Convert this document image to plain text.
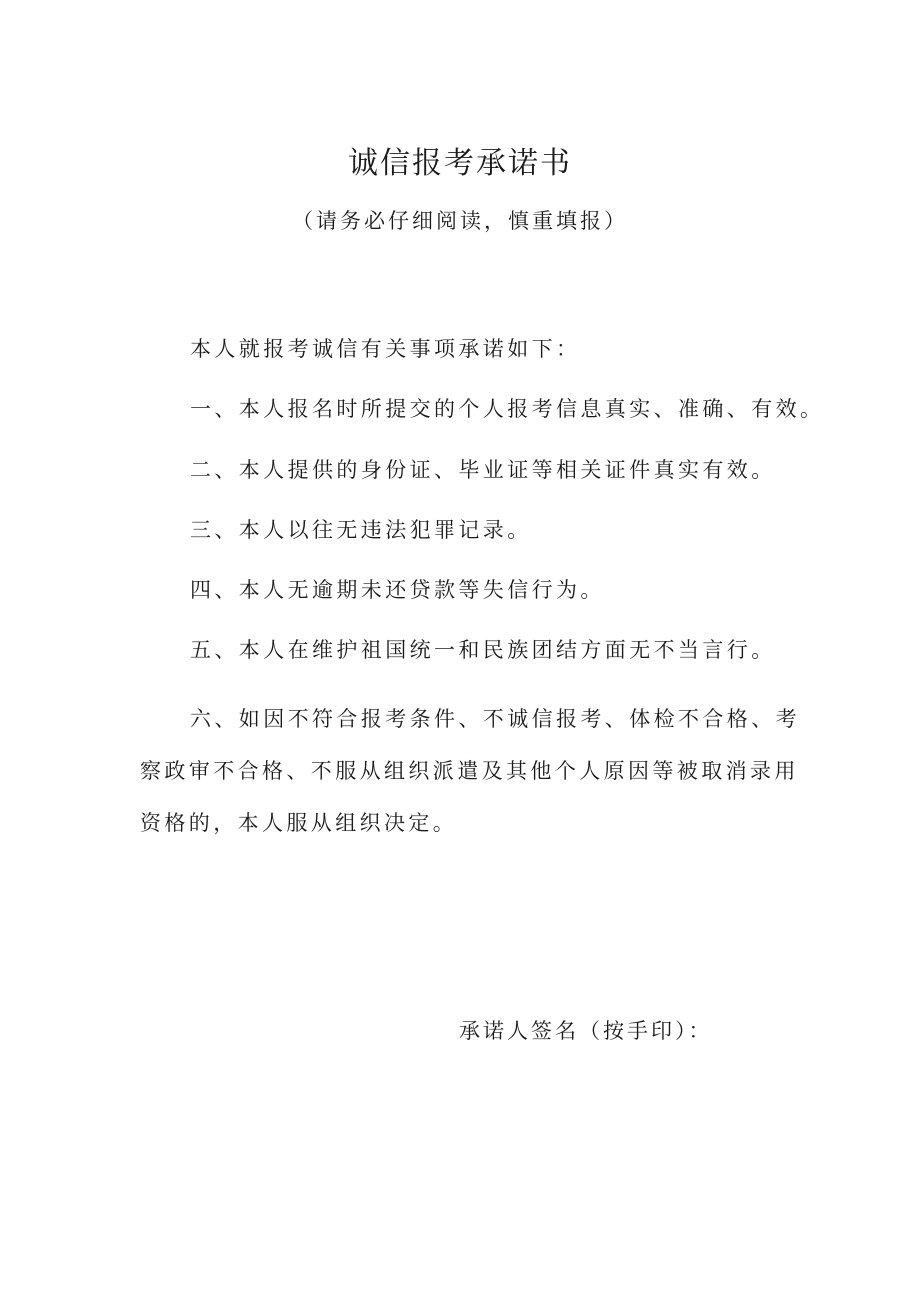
诚信报考承诺书

（请务必仔细阅读，慎重填报）

本人就报考诚信有关事项承诺如下：

一、本人报名时所提交的个人报考信息真实、准确、有效。

二、本人提供的身份证、毕业证等相关证件真实有效。

三、本人以往无违法犯罪记录。

四、本人无逾期未还贷款等失信行为。

五、本人在维护祖国统一和民族团结方面无不当言行。

六、如因不符合报考条件、不诚信报考、体检不合格、考察政审不合格、不服从组织派遣及其他个人原因等被取消录用资格的，本人服从组织决定。

承诺人签名（按手印）：
